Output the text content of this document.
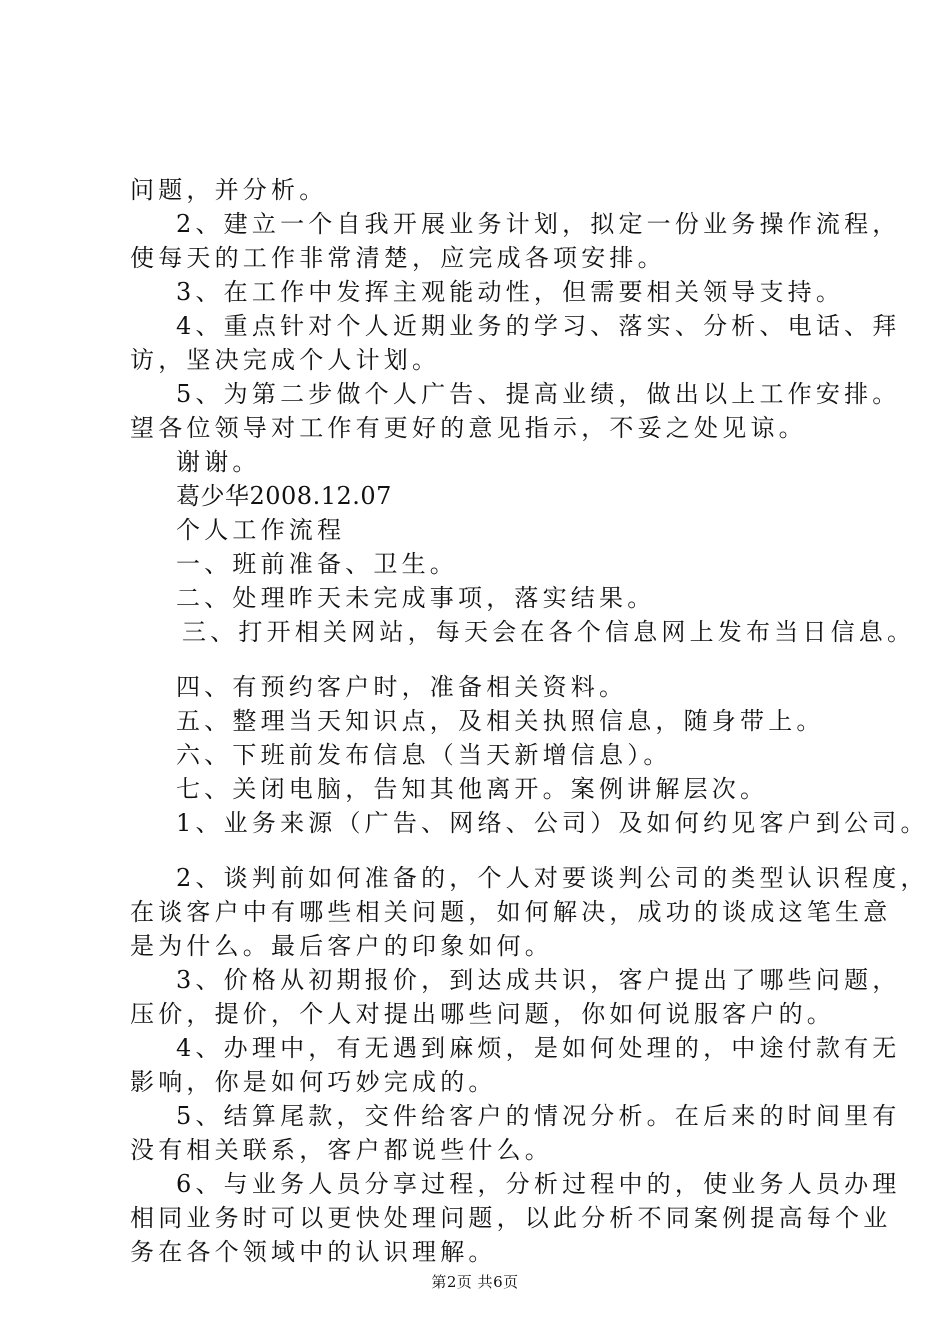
问题，并分析。
2、建立一个自我开展业务计划，拟定一份业务操作流程，
使每天的工作非常清楚，应完成各项安排。
3、在工作中发挥主观能动性，但需要相关领导支持。
4、重点针对个人近期业务的学习、落实、分析、电话、拜
访，坚决完成个人计划。
5、为第二步做个人广告、提高业绩，做出以上工作安排。
望各位领导对工作有更好的意见指示，不妥之处见谅。
谢谢。
葛少华2008.12.07
个人工作流程
一、班前准备、卫生。
二、处理昨天未完成事项，落实结果。
三、打开相关网站，每天会在各个信息网上发布当日信息。
四、有预约客户时，准备相关资料。
五、整理当天知识点，及相关执照信息，随身带上。
六、下班前发布信息（当天新增信息）。
七、关闭电脑，告知其他离开。案例讲解层次。
1、业务来源（广告、网络、公司）及如何约见客户到公司。
2、谈判前如何准备的，个人对要谈判公司的类型认识程度，
在谈客户中有哪些相关问题，如何解决，成功的谈成这笔生意
是为什么。最后客户的印象如何。
3、价格从初期报价，到达成共识，客户提出了哪些问题，
压价，提价，个人对提出哪些问题，你如何说服客户的。
4、办理中，有无遇到麻烦，是如何处理的，中途付款有无
影响，你是如何巧妙完成的。
5、结算尾款，交件给客户的情况分析。在后来的时间里有
没有相关联系，客户都说些什么。
6、与业务人员分享过程，分析过程中的，使业务人员办理
相同业务时可以更快处理问题，以此分析不同案例提高每个业
务在各个领域中的认识理解。
第2页 共6页
